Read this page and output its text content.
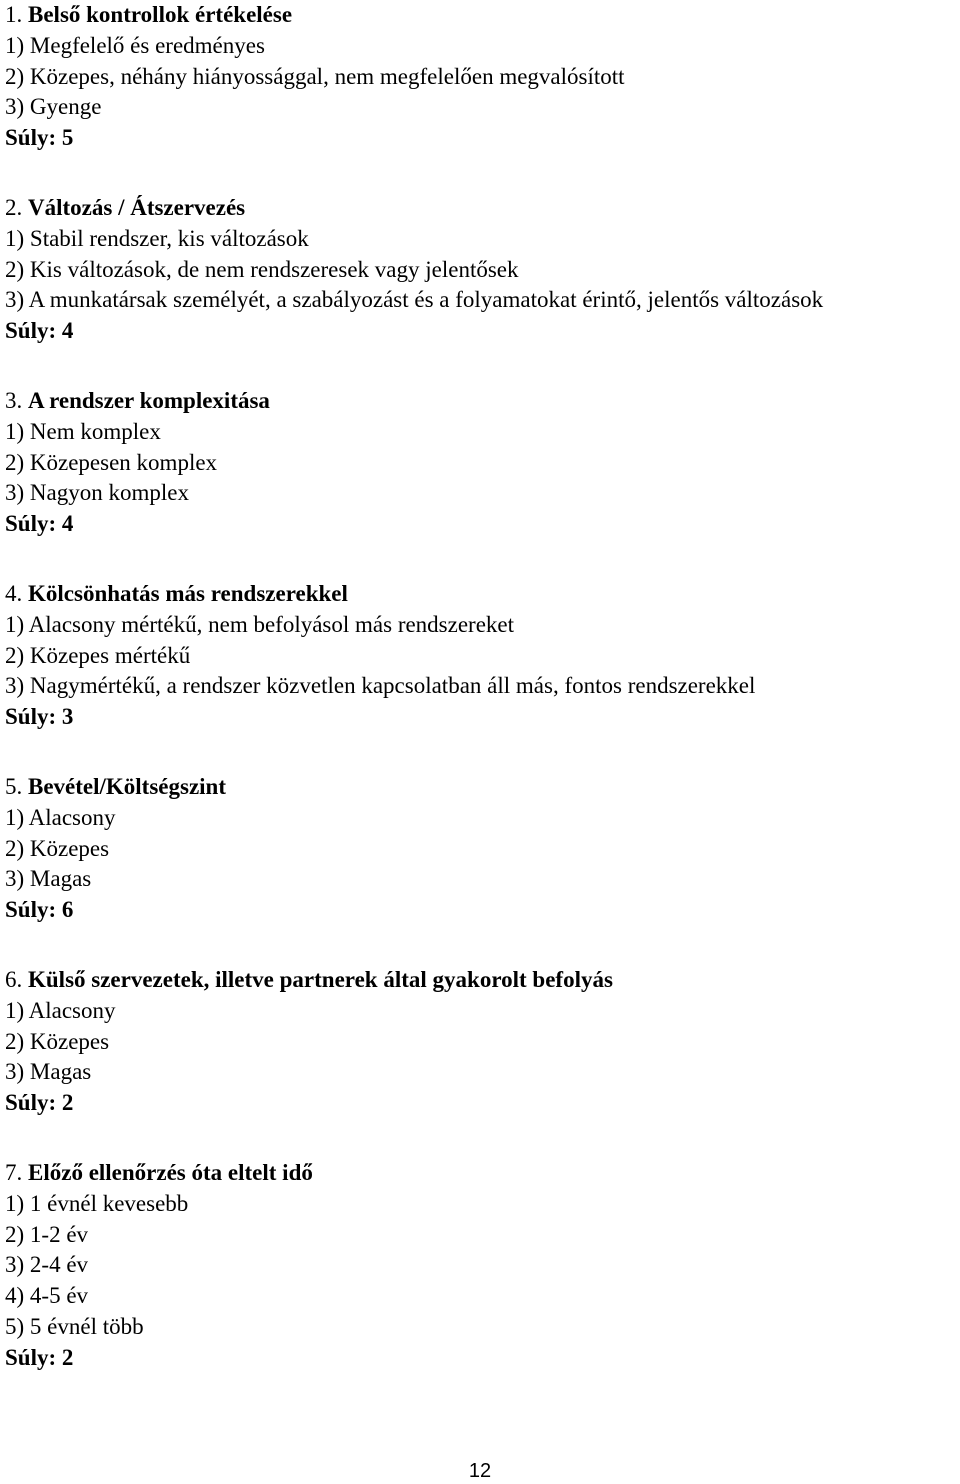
1. Belső kontrollok értékelése
1) Megfelelő és eredményes
2) Közepes, néhány hiányossággal, nem megfelelően megvalósított
3) Gyenge
Súly: 5
2. Változás / Átszervezés
1) Stabil rendszer, kis változások
2) Kis változások, de nem rendszeresek vagy jelentősek
3) A munkatársak személyét, a szabályozást és a folyamatokat érintő, jelentős változások
Súly: 4
3. A rendszer komplexitása
1) Nem komplex
2) Közepesen komplex
3) Nagyon komplex
Súly: 4
4. Kölcsönhatás más rendszerekkel
1) Alacsony mértékű, nem befolyásol más rendszereket
2) Közepes mértékű
3) Nagymértékű, a rendszer közvetlen kapcsolatban áll más, fontos rendszerekkel
Súly: 3
5. Bevétel/Költségszint
1) Alacsony
2) Közepes
3) Magas
Súly: 6
6. Külső szervezetek, illetve partnerek által gyakorolt befolyás
1) Alacsony
2) Közepes
3) Magas
Súly: 2
7. Előző ellenőrzés óta eltelt idő
1) 1 évnél kevesebb
2) 1-2 év
3) 2-4 év
4) 4-5 év
5) 5 évnél több
Súly: 2
12
